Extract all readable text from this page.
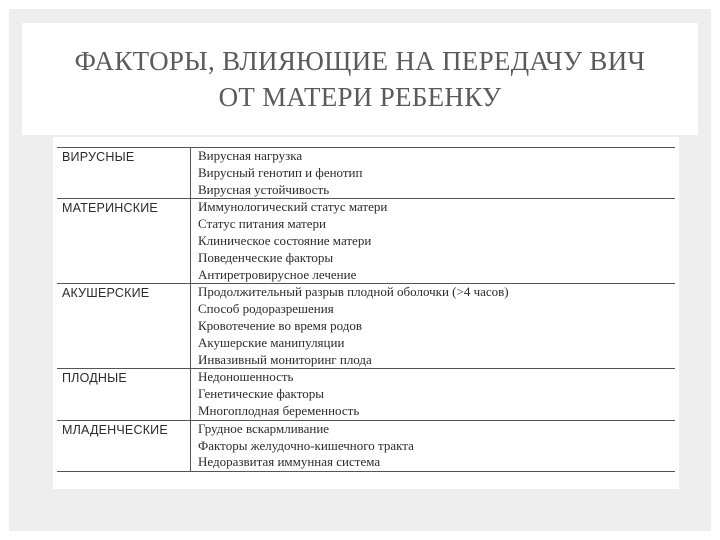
ФАКТОРЫ, ВЛИЯЮЩИЕ НА ПЕРЕДАЧУ ВИЧ
ОТ МАТЕРИ РЕБЕНКУ
ВИРУСНЫЕ	Вирусная нагрузка
Вирусный генотип и фенотип
Вирусная устойчивость

МАТЕРИНСКИЕ	Иммунологический статус матери
Статус питания матери
Клиническое состояние матери
Поведенческие факторы
Антиретровирусное лечение

АКУШЕРСКИЕ	Продолжительный разрыв плодной оболочки (>4 часов)
Способ родоразрешения
Кровотечение во время родов
Акушерские манипуляции
Инвазивный мониторинг плода

ПЛОДНЫЕ	Недоношенность
Генетические факторы
Многоплодная беременность

МЛАДЕНЧЕСКИЕ	Грудное вскармливание
Факторы желудочно-кишечного тракта
Недоразвитая иммунная система
